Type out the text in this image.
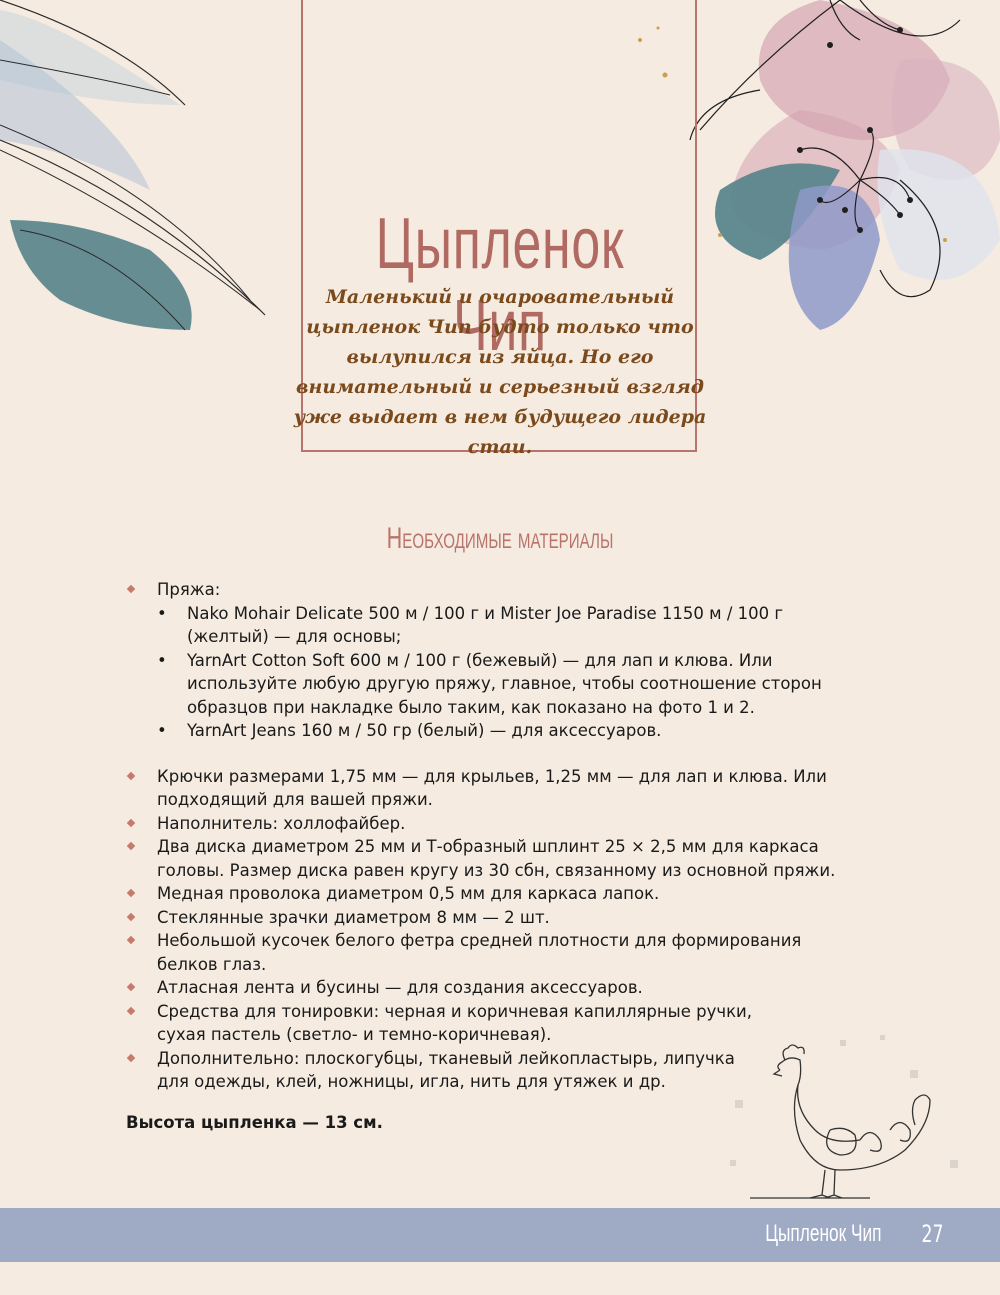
Цыпленок Чип
Маленький и очаровательный цыпленок Чип будто только что вылупился из яйца. Но его внимательный и серьезный взгляд уже выдает в нем будущего лидера стаи.
Необходимые материалы
Пряжа:
• Nako Mohair Delicate 500 м / 100 г и Mister Joe Paradise 1150 м / 100 г (желтый) — для основы;
• YarnArt Cotton Soft 600 м / 100 г (бежевый) — для лап и клюва. Или используйте любую другую пряжу, главное, чтобы соотношение сторон образцов при накладке было таким, как показано на фото 1 и 2.
• YarnArt Jeans 160 м / 50 гр (белый) — для аксессуаров.
Крючки размерами 1,75 мм — для крыльев, 1,25 мм — для лап и клюва. Или подходящий для вашей пряжи.
Наполнитель: холлофайбер.
Два диска диаметром 25 мм и Т-образный шплинт 25 × 2,5 мм для каркаса головы. Размер диска равен кругу из 30 сбн, связанному из основной пряжи.
Медная проволока диаметром 0,5 мм для каркаса лапок.
Стеклянные зрачки диаметром 8 мм — 2 шт.
Небольшой кусочек белого фетра средней плотности для формирования белков глаз.
Атласная лента и бусины — для создания аксессуаров.
Средства для тонировки: черная и коричневая капиллярные ручки, сухая пастель (светло- и темно-коричневая).
Дополнительно: плоскогубцы, тканевый лейкопластырь, липучка для одежды, клей, ножницы, игла, нить для утяжек и др.
Высота цыпленка — 13 см.
Цыпленок Чип 27
